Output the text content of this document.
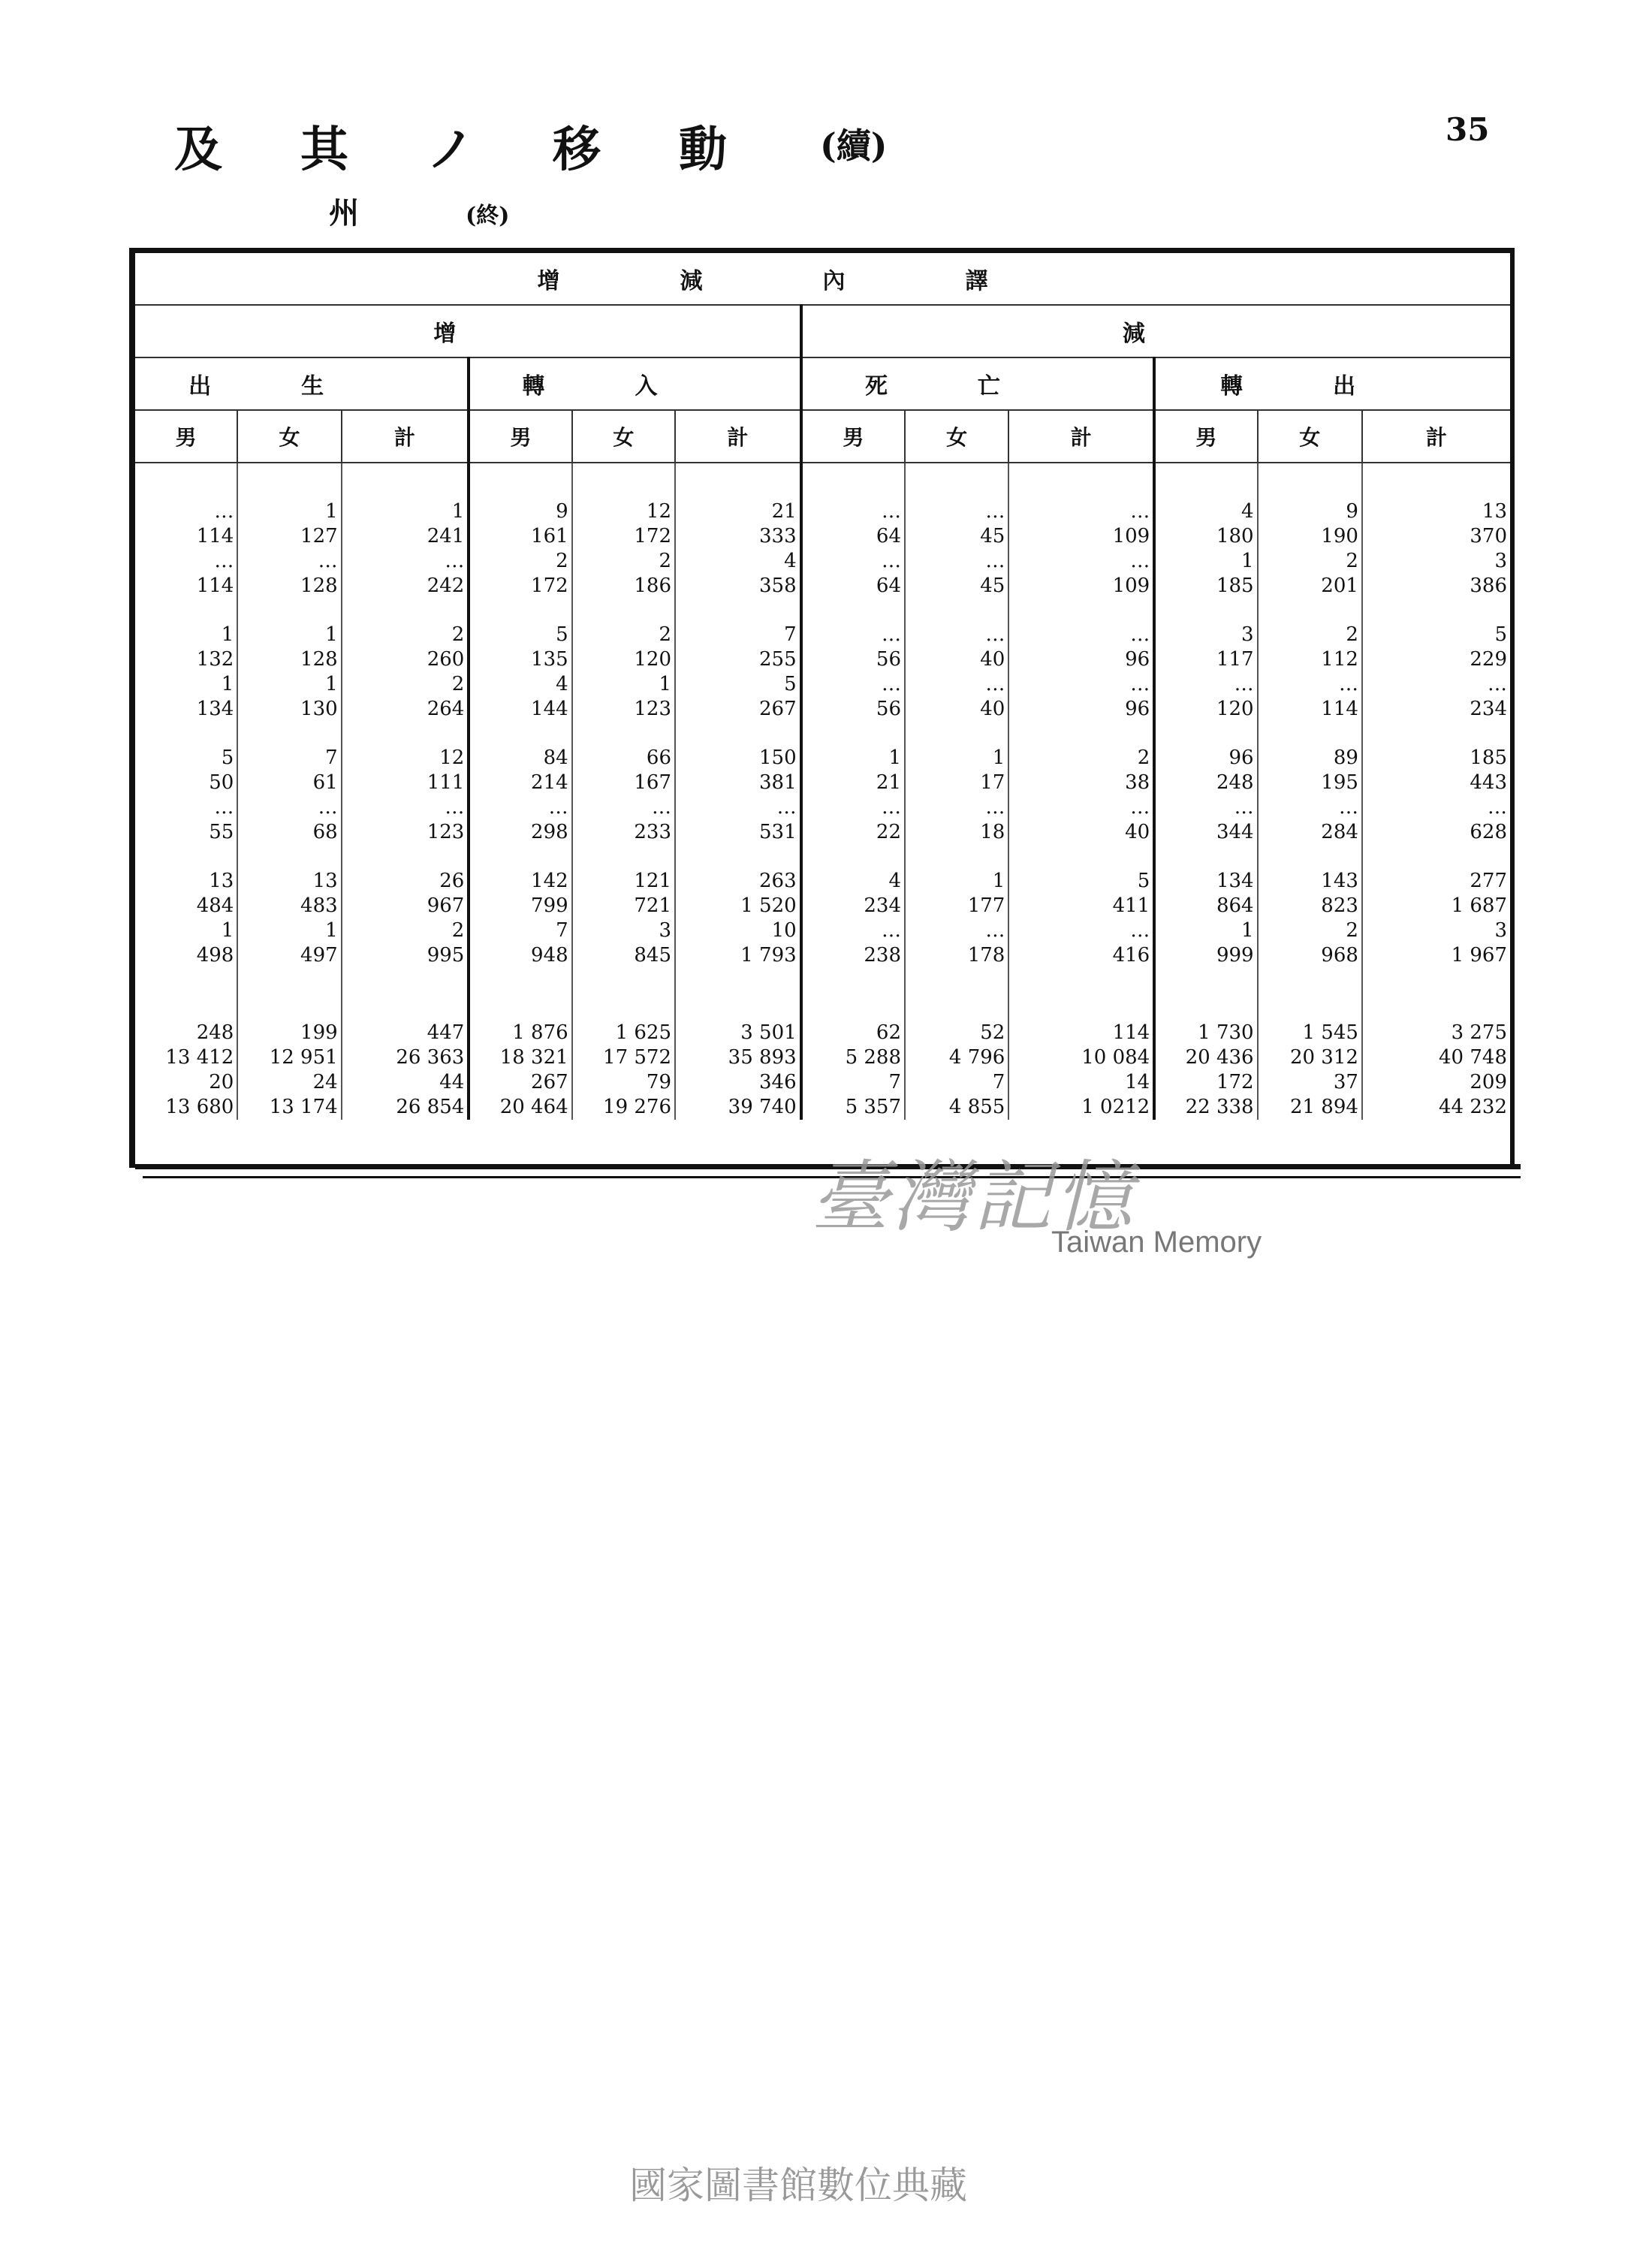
及其ノ移動 (續)	35
州	(終)
增減內譯											
增						減					
出生			轉入			死亡			轉出		
男	女	計	男	女	計	男	女	計	男	女	計

…	1	1	9	12	21	…	…	…	4	9	13
114	127	241	161	172	333	64	45	109	180	190	370
…	…	…	2	2	4	…	…	…	1	2	3
114	128	242	172	186	358	64	45	109	185	201	386

1	1	2	5	2	7	…	…	…	3	2	5
132	128	260	135	120	255	56	40	96	117	112	229
1	1	2	4	1	5	…	…	…	…	…	…
134	130	264	144	123	267	56	40	96	120	114	234

5	7	12	84	66	150	1	1	2	96	89	185
50	61	111	214	167	381	21	17	38	248	195	443
…	…	…	…	…	…	…	…	…	…	…	…
55	68	123	298	233	531	22	18	40	344	284	628

13	13	26	142	121	263	4	1	5	134	143	277
484	483	967	799	721	1 520	234	177	411	864	823	1 687
1	1	2	7	3	10	…	…	…	1	2	3
498	497	995	948	845	1 793	238	178	416	999	968	1 967

248	199	447	1 876	1 625	3 501	62	52	114	1 730	1 545	3 275
13 412	12 951	26 363	18 321	17 572	35 893	5 288	4 796	10 084	20 436	20 312	40 748
20	24	44	267	79	346	7	7	14	172	37	209
13 680	13 174	26 854	20 464	19 276	39 740	5 357	4 855	1 0212	22 338	21 894	44 232
臺灣記憶
Taiwan Memory
國家圖書館數位典藏
